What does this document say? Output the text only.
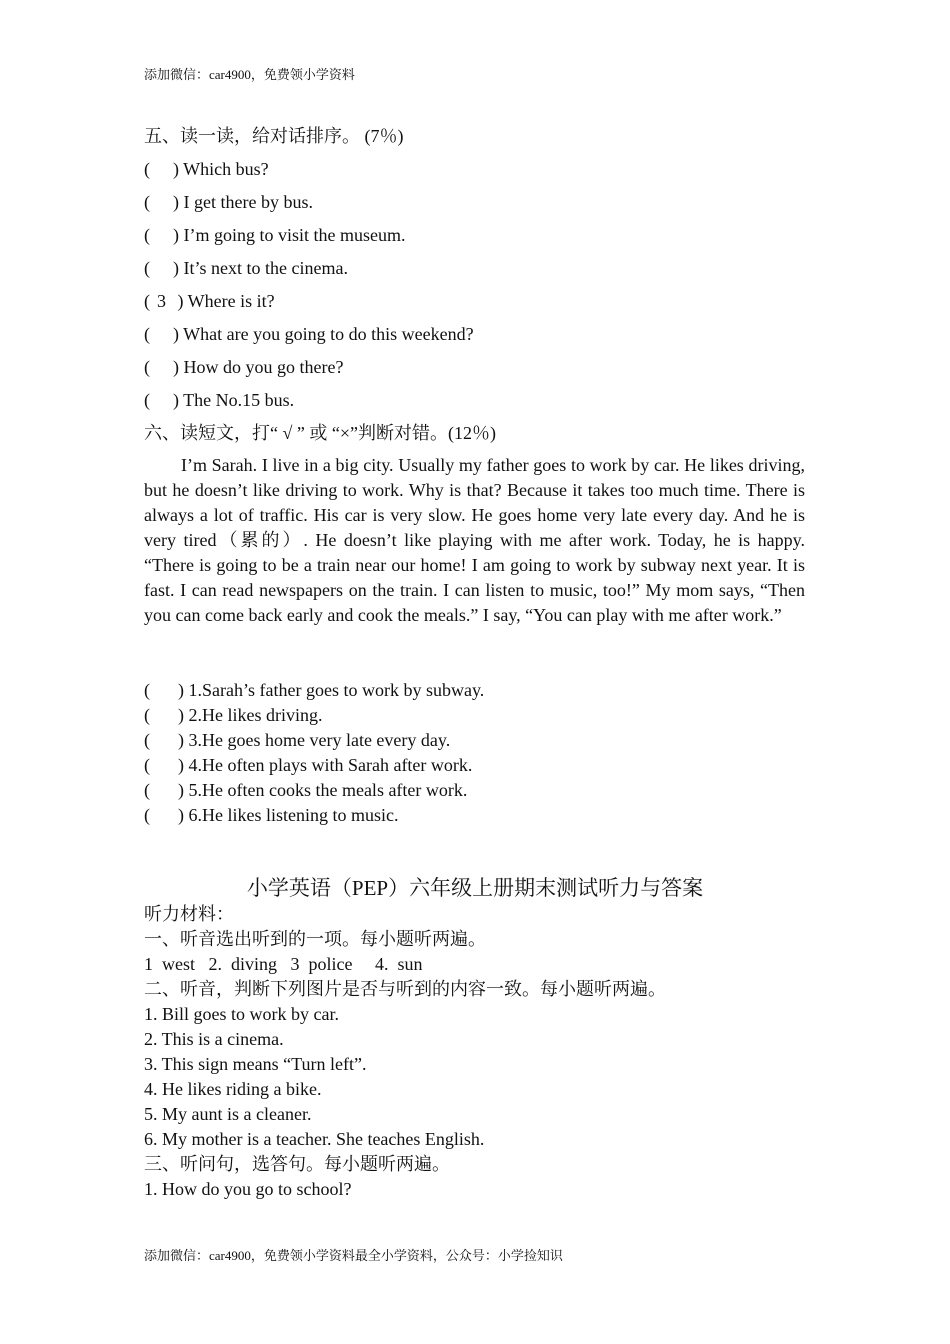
添加微信：car4900，免费领小学资料
五、读一读，给对话排序。 (7％)
( ) Which bus?
( ) I get there by bus.
( ) I’m going to visit the museum.
( ) It’s next to the cinema.
( 3 ) Where is it?
( ) What are you going to do this weekend?
( ) How do you go there?
( ) The No.15 bus.
六、读短文，打“ √ ” 或 “×”判断对错。(12％)
I’m Sarah. I live in a big city. Usually my father goes to work by car. He likes driving, but he doesn’t like driving to work. Why is that? Because it takes too much time. There is always a lot of traffic. His car is very slow. He goes home very late every day. And he is very tired（累的）. He doesn’t like playing with me after work. Today, he is happy. “There is going to be a train near our home! I am going to work by subway next year. It is fast. I can read newspapers on the train. I can listen to music, too!” My mom says, “Then you can come back early and cook the meals.” I say, “You can play with me after work.”
( ) 1.Sarah’s father goes to work by subway.
( ) 2.He likes driving.
( ) 3.He goes home very late every day.
( ) 4.He often plays with Sarah after work.
( ) 5.He often cooks the meals after work.
( ) 6.He likes listening to music.
小学英语（PEP）六年级上册期末测试听力与答案
听力材料：
一、听音选出听到的一项。每小题听两遍。
1  west   2.  diving   3  police     4.  sun
二、听音，判断下列图片是否与听到的内容一致。每小题听两遍。
1. Bill goes to work by car.
2. This is a cinema.
3. This sign means “Turn left”.
4. He likes riding a bike.
5. My aunt is a cleaner.
6. My mother is a teacher. She teaches English.
三、听问句，选答句。每小题听两遍。
1. How do you go to school?
添加微信：car4900，免费领小学资料最全小学资料，公众号：小学捡知识
